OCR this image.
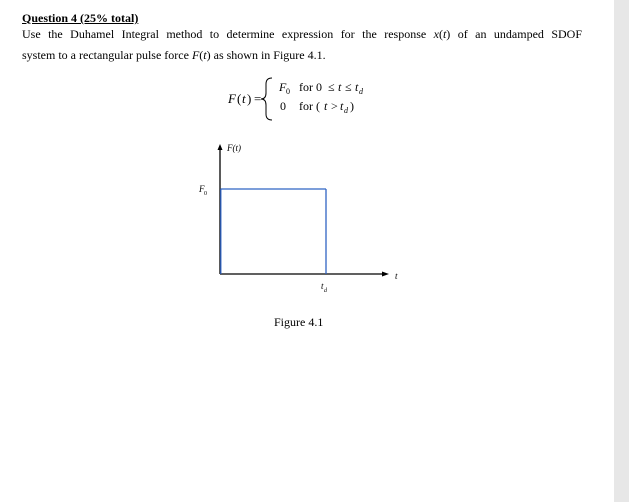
Question 4 (25% total)
Use the Duhamel Integral method to determine expression for the response x(t) of an undamped SDOF
system to a rectangular pulse force F(t) as shown in Figure 4.1.
F ( t ) =
F 0 for 0 ≤ t ≤ t d
0 for ( t > t d )
F(t)
t
F 0
t d
Figure 4.1
